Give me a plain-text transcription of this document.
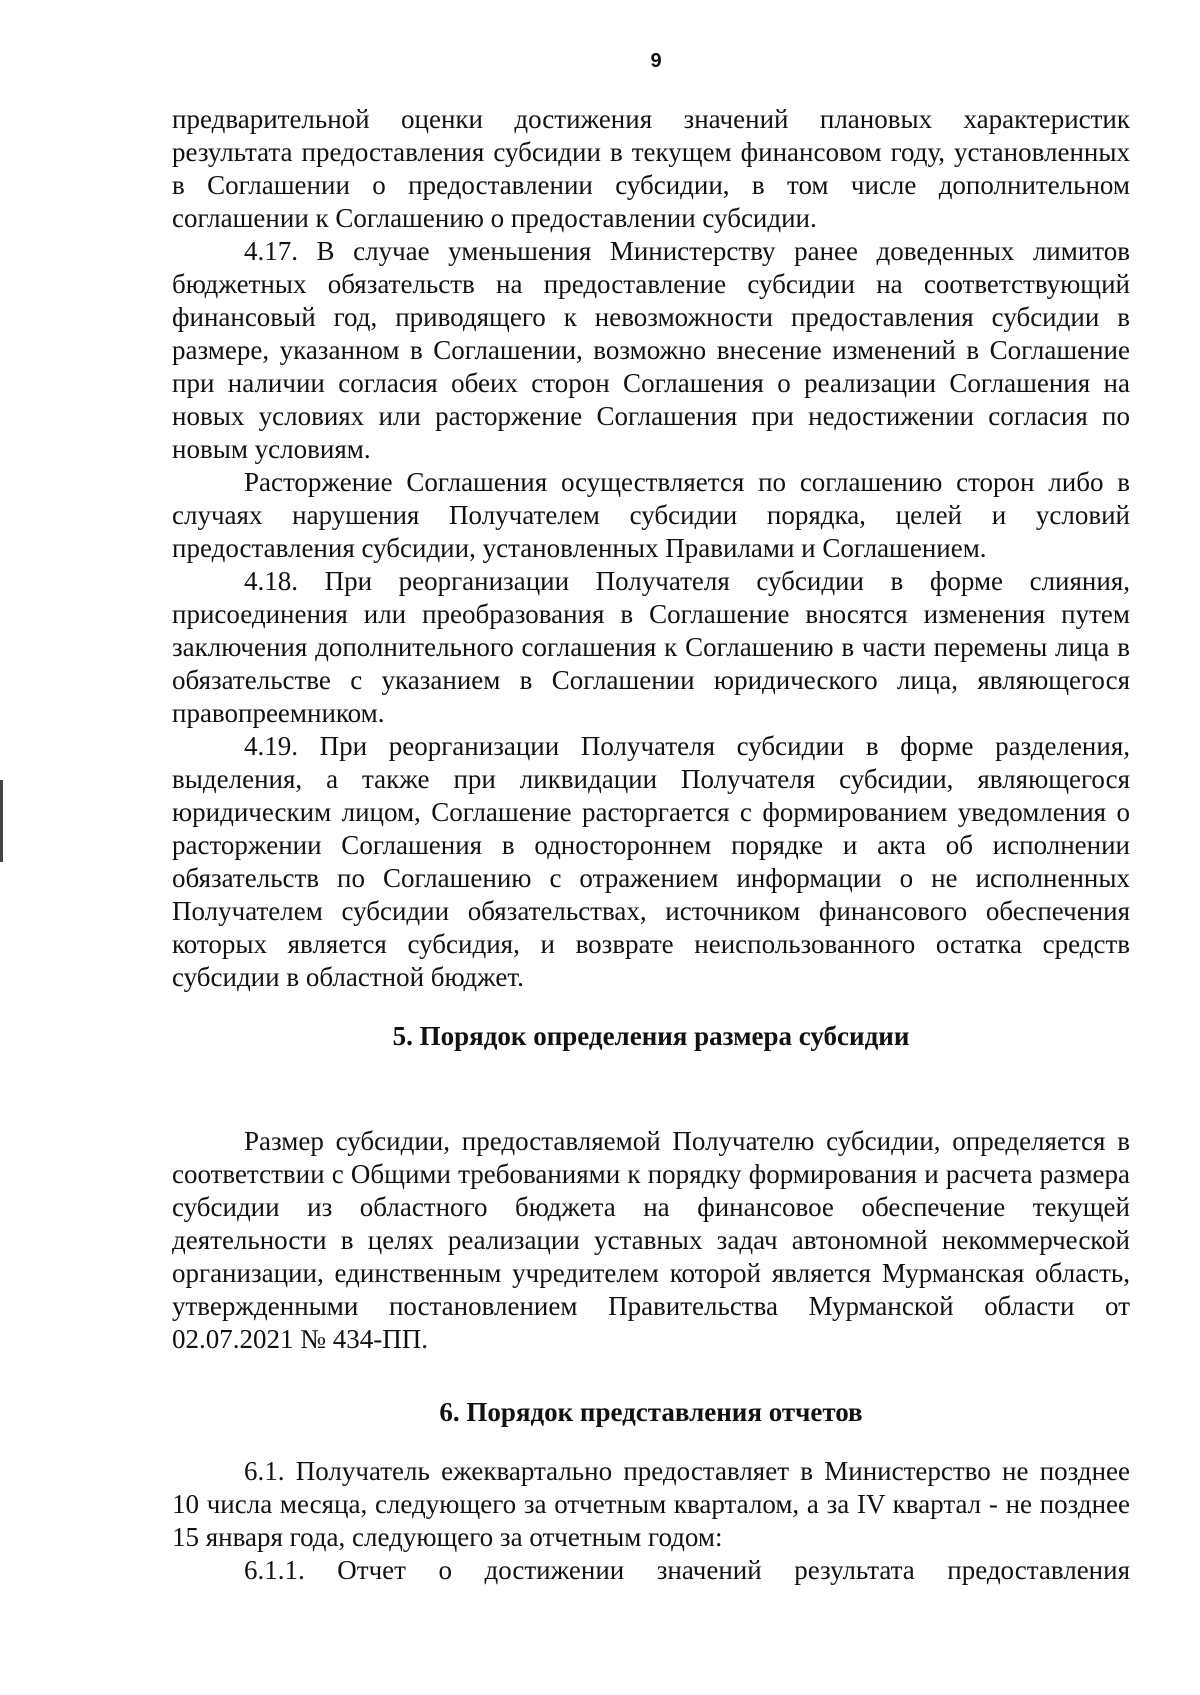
9

предварительной оценки достижения значений плановых характеристик результата предоставления субсидии в текущем финансовом году, установленных в Соглашении о предоставлении субсидии, в том числе дополнительном соглашении к Соглашению о предоставлении субсидии.

4.17. В случае уменьшения Министерству ранее доведенных лимитов бюджетных обязательств на предоставление субсидии на соответствующий финансовый год, приводящего к невозможности предоставления субсидии в размере, указанном в Соглашении, возможно внесение изменений в Соглашение при наличии согласия обеих сторон Соглашения о реализации Соглашения на новых условиях или расторжение Соглашения при недостижении согласия по новым условиям.

Расторжение Соглашения осуществляется по соглашению сторон либо в случаях нарушения Получателем субсидии порядка, целей и условий предоставления субсидии, установленных Правилами и Соглашением.

4.18. При реорганизации Получателя субсидии в форме слияния, присоединения или преобразования в Соглашение вносятся изменения путем заключения дополнительного соглашения к Соглашению в части перемены лица в обязательстве с указанием в Соглашении юридического лица, являющегося правопреемником.

4.19. При реорганизации Получателя субсидии в форме разделения, выделения, а также при ликвидации Получателя субсидии, являющегося юридическим лицом, Соглашение расторгается с формированием уведомления о расторжении Соглашения в одностороннем порядке и акта об исполнении обязательств по Соглашению с отражением информации о не исполненных Получателем субсидии обязательствах, источником финансового обеспечения которых является субсидия, и возврате неиспользованного остатка средств субсидии в областной бюджет.

5. Порядок определения размера субсидии

Размер субсидии, предоставляемой Получателю субсидии, определяется в соответствии с Общими требованиями к порядку формирования и расчета размера субсидии из областного бюджета на финансовое обеспечение текущей деятельности в целях реализации уставных задач автономной некоммерческой организации, единственным учредителем которой является Мурманская область, утвержденными постановлением Правительства Мурманской области от 02.07.2021 № 434-ПП.

6. Порядок представления отчетов

6.1. Получатель ежеквартально предоставляет в Министерство не позднее 10 числа месяца, следующего за отчетным кварталом, а за IV квартал - не позднее 15 января года, следующего за отчетным годом:

6.1.1. Отчет о достижении значений результата предоставления
